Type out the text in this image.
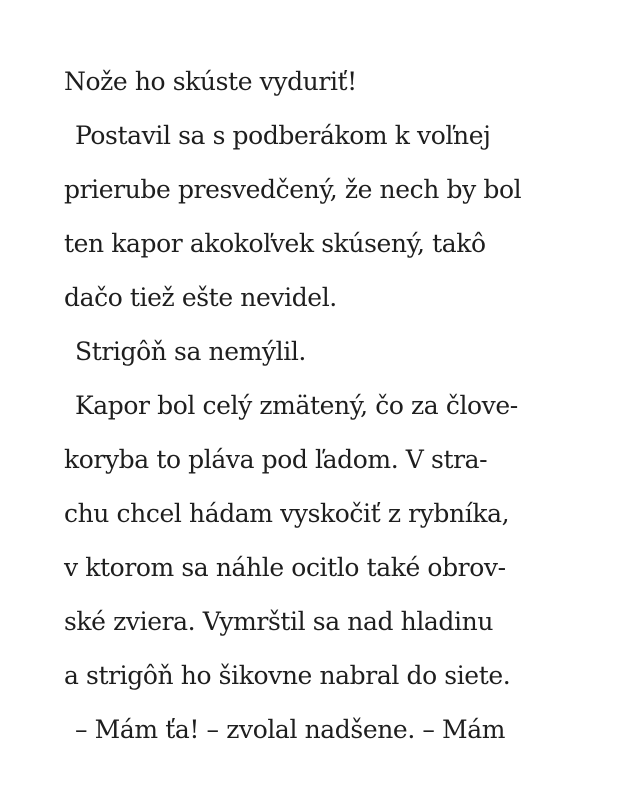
Nože ho skúste vyduriť!
Postavil sa s podberákom k voľnej
prierube presvedčený, že nech by bol
ten kapor akokoľvek skúsený, takô
dačo tiež ešte nevidel.
Strigôň sa nemýlil.
Kapor bol celý zmätený, čo za člove-
koryba to pláva pod ľadom. V stra-
chu chcel hádam vyskočiť z rybníka,
v ktorom sa náhle ocitlo také obrov-
ské zviera. Vymrštil sa nad hladinu
a strigôň ho šikovne nabral do siete.
– Mám ťa! – zvolal nadšene. – Mám
